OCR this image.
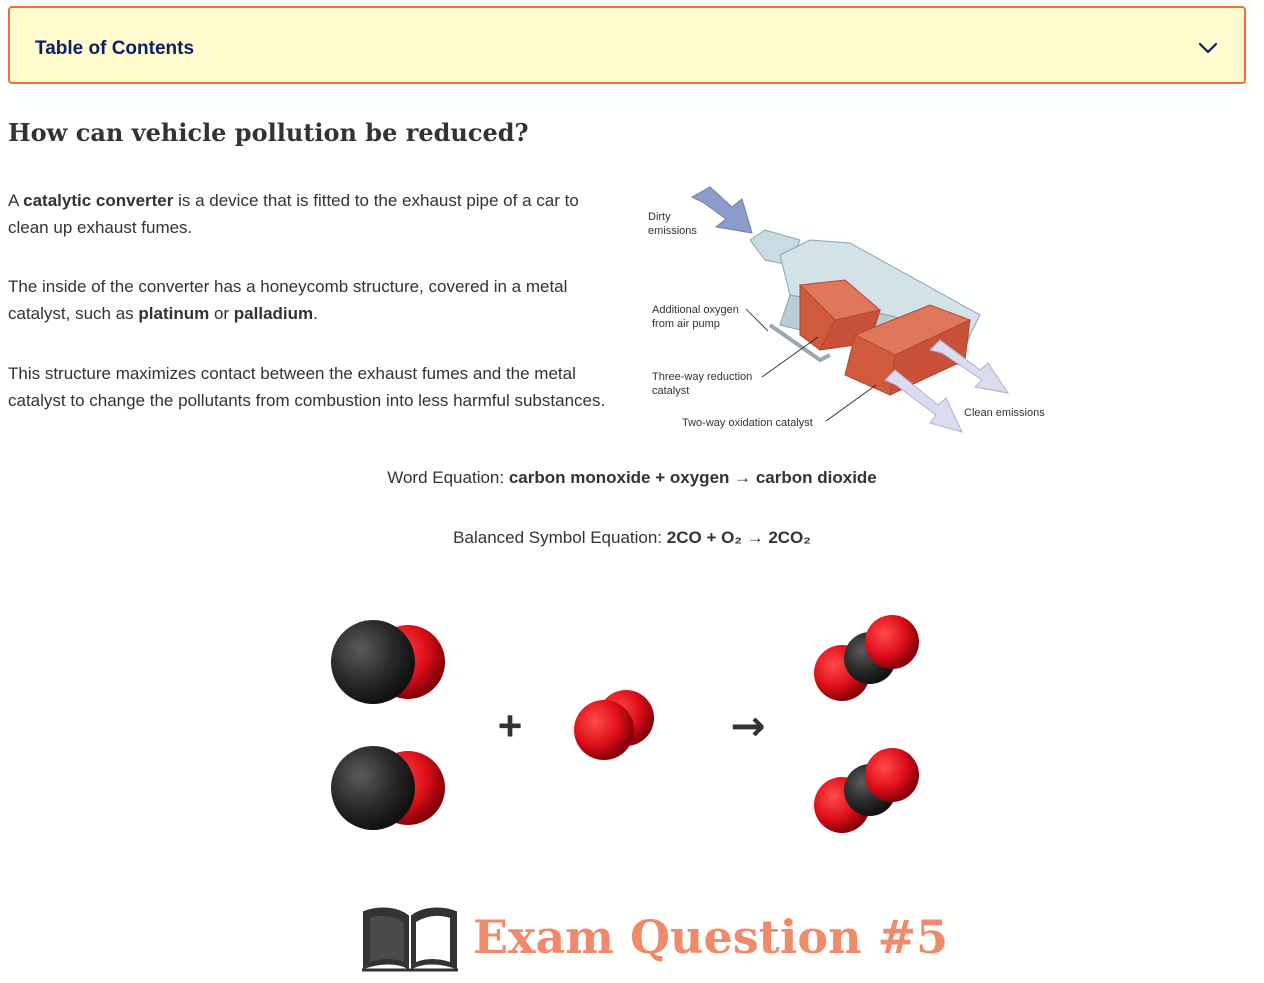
Table of Contents
How can vehicle pollution be reduced?

A catalytic converter is a device that is fitted to the exhaust pipe of a car to clean up exhaust fumes.

The inside of the converter has a honeycomb structure, covered in a metal catalyst, such as platinum or palladium.

This structure maximizes contact between the exhaust fumes and the metal catalyst to change the pollutants from combustion into less harmful substances.

Dirty
emissions
Additional oxygen
from air pump
Three-way reduction
catalyst
Two-way oxidation catalyst
Clean emissions
Word Equation: carbon monoxide + oxygen → carbon dioxide
Balanced Symbol Equation: 2CO + O₂ → 2CO₂
+	→
Exam Question #5
